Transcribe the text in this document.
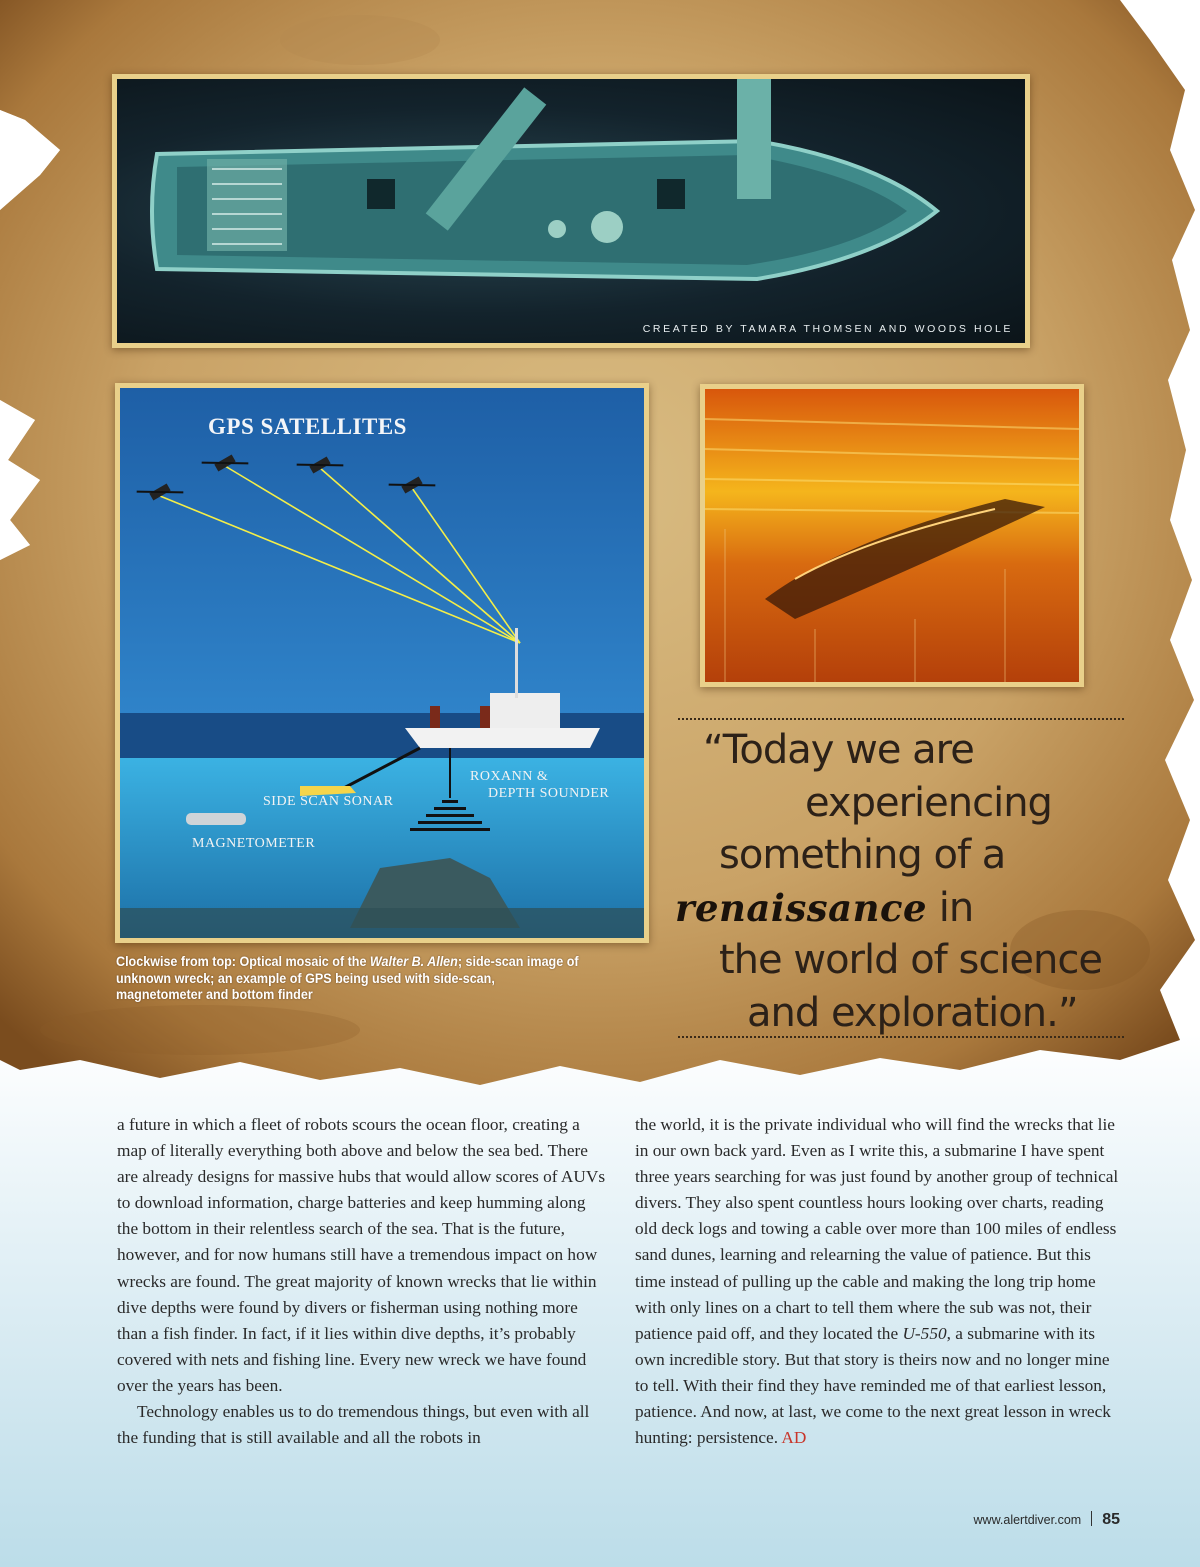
CREATED BY TAMARA THOMSEN AND WOODS HOLE
GPS SATELLITES
SIDE SCAN SONAR
ROXANN &
DEPTH SOUNDER
MAGNETOMETER
Clockwise from top: Optical mosaic of the Walter B. Allen; side-scan image of unknown wreck; an example of GPS being used with side-scan, magnetometer and bottom finder
“Today we are
experiencing
something of a
renaissance in
the world of science
and exploration.”

a future in which a fleet of robots scours the ocean floor, creating a map of literally everything both above and below the sea bed. There are already designs for massive hubs that would allow scores of AUVs to download information, charge batteries and keep humming along the bottom in their relentless search of the sea. That is the future, however, and for now humans still have a tremendous impact on how wrecks are found. The great majority of known wrecks that lie within dive depths were found by divers or fisherman using nothing more than a fish finder. In fact, if it lies within dive depths, it’s probably covered with nets and fishing line. Every new wreck we have found over the years has been.

Technology enables us to do tremendous things, but even with all the funding that is still available and all the robots in

the world, it is the private individual who will find the wrecks that lie in our own back yard. Even as I write this, a submarine I have spent three years searching for was just found by another group of technical divers. They also spent countless hours looking over charts, reading old deck logs and towing a cable over more than 100 miles of endless sand dunes, learning and relearning the value of patience. But this time instead of pulling up the cable and making the long trip home with only lines on a chart to tell them where the sub was not, their patience paid off, and they located the U-550, a submarine with its own incredible story. But that story is theirs now and no longer mine to tell. With their find they have reminded me of that earliest lesson, patience. And now, at last, we come to the next great lesson in wreck hunting: persistence. AD

www.alertdiver.com 85
